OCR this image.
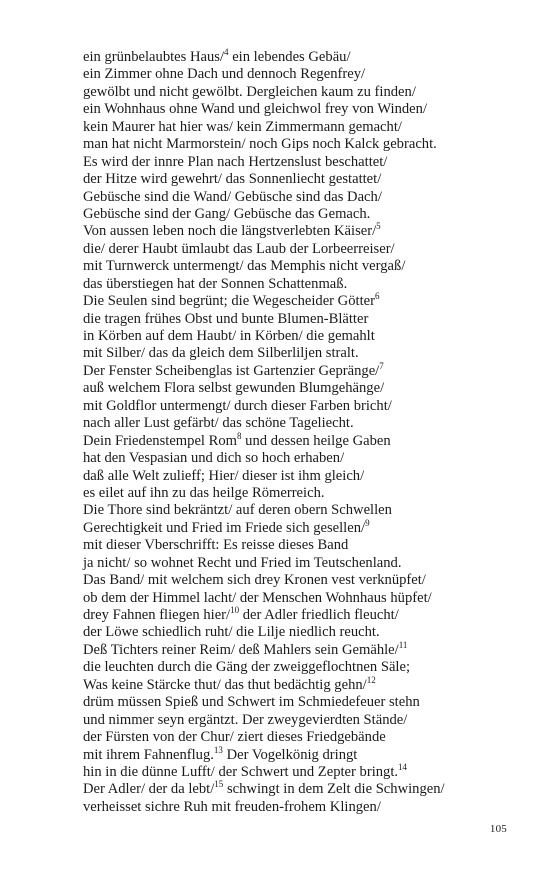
ein grünbelaubtes Haus/$^4$ ein lebendes Gebäu/
ein Zimmer ohne Dach und dennoch Regenfrey/
gewölbt und nicht gewölbt. Dergleichen kaum zu finden/
ein Wohnhaus ohne Wand und gleichwol frey von Winden/
kein Maurer hat hier was/ kein Zimmermann gemacht/
man hat nicht Marmorstein/ noch Gips noch Kalck gebracht.
Es wird der innre Plan nach Hertzenslust beschattet/
der Hitze wird gewehrt/ das Sonnenliecht gestattet/
Gebüsche sind die Wand/ Gebüsche sind das Dach/
Gebüsche sind der Gang/ Gebüsche das Gemach.
Von aussen leben noch die längstverlebten Käiser/$^5$
die/ derer Haubt ümlaubt das Laub der Lorbeerreiser/
mit Turnwerck untermengt/ das Memphis nicht vergaß/
das überstiegen hat der Sonnen Schattenmaß.
Die Seulen sind begrünt; die Wegescheider Götter$^6$
die tragen frühes Obst und bunte Blumen-Blätter
in Körben auf dem Haubt/ in Körben/ die gemahlt
mit Silber/ das da gleich dem Silberliljen stralt.
Der Fenster Scheibenglas ist Gartenzier Gepränge/$^7$
auß welchem Flora selbst gewunden Blumgehänge/
mit Goldflor untermengt/ durch dieser Farben bricht/
nach aller Lust gefärbt/ das schöne Tageliecht.
Dein Friedenstempel Rom$^8$ und dessen heilge Gaben
hat den Vespasian und dich so hoch erhaben/
daß alle Welt zulieff; Hier/ dieser ist ihm gleich/
es eilet auf ihn zu das heilge Römerreich.
Die Thore sind bekräntzt/ auf deren obern Schwellen
Gerechtigkeit und Fried im Friede sich gesellen/$^9$
mit dieser Vberschrifft: Es reisse dieses Band
ja nicht/ so wohnet Recht und Fried im Teutschenland.
Das Band/ mit welchem sich drey Kronen vest verknüpfet/
ob dem der Himmel lacht/ der Menschen Wohnhaus hüpfet/
drey Fahnen fliegen hier/$^{10}$ der Adler friedlich fleucht/
der Löwe schiedlich ruht/ die Lilje niedlich reucht.
Deß Tichters reiner Reim/ deß Mahlers sein Gemähle/$^{11}$
die leuchten durch die Gäng der zweiggeflochtnen Säle;
Was keine Stärcke thut/ das thut bedächtig gehn/$^{12}$
drüm müssen Spieß und Schwert im Schmiedefeuer stehn
und nimmer seyn ergäntzt. Der zweygevierdten Stände/
der Fürsten von der Chur/ ziert dieses Friedgebände
mit ihrem Fahnenflug.$^{13}$ Der Vogelkönig dringt
hin in die dünne Lufft/ der Schwert und Zepter bringt.$^{14}$
Der Adler/ der da lebt/$^{15}$ schwingt in dem Zelt die Schwingen/
verheisset sichre Ruh mit freuden-frohem Klingen/
105
